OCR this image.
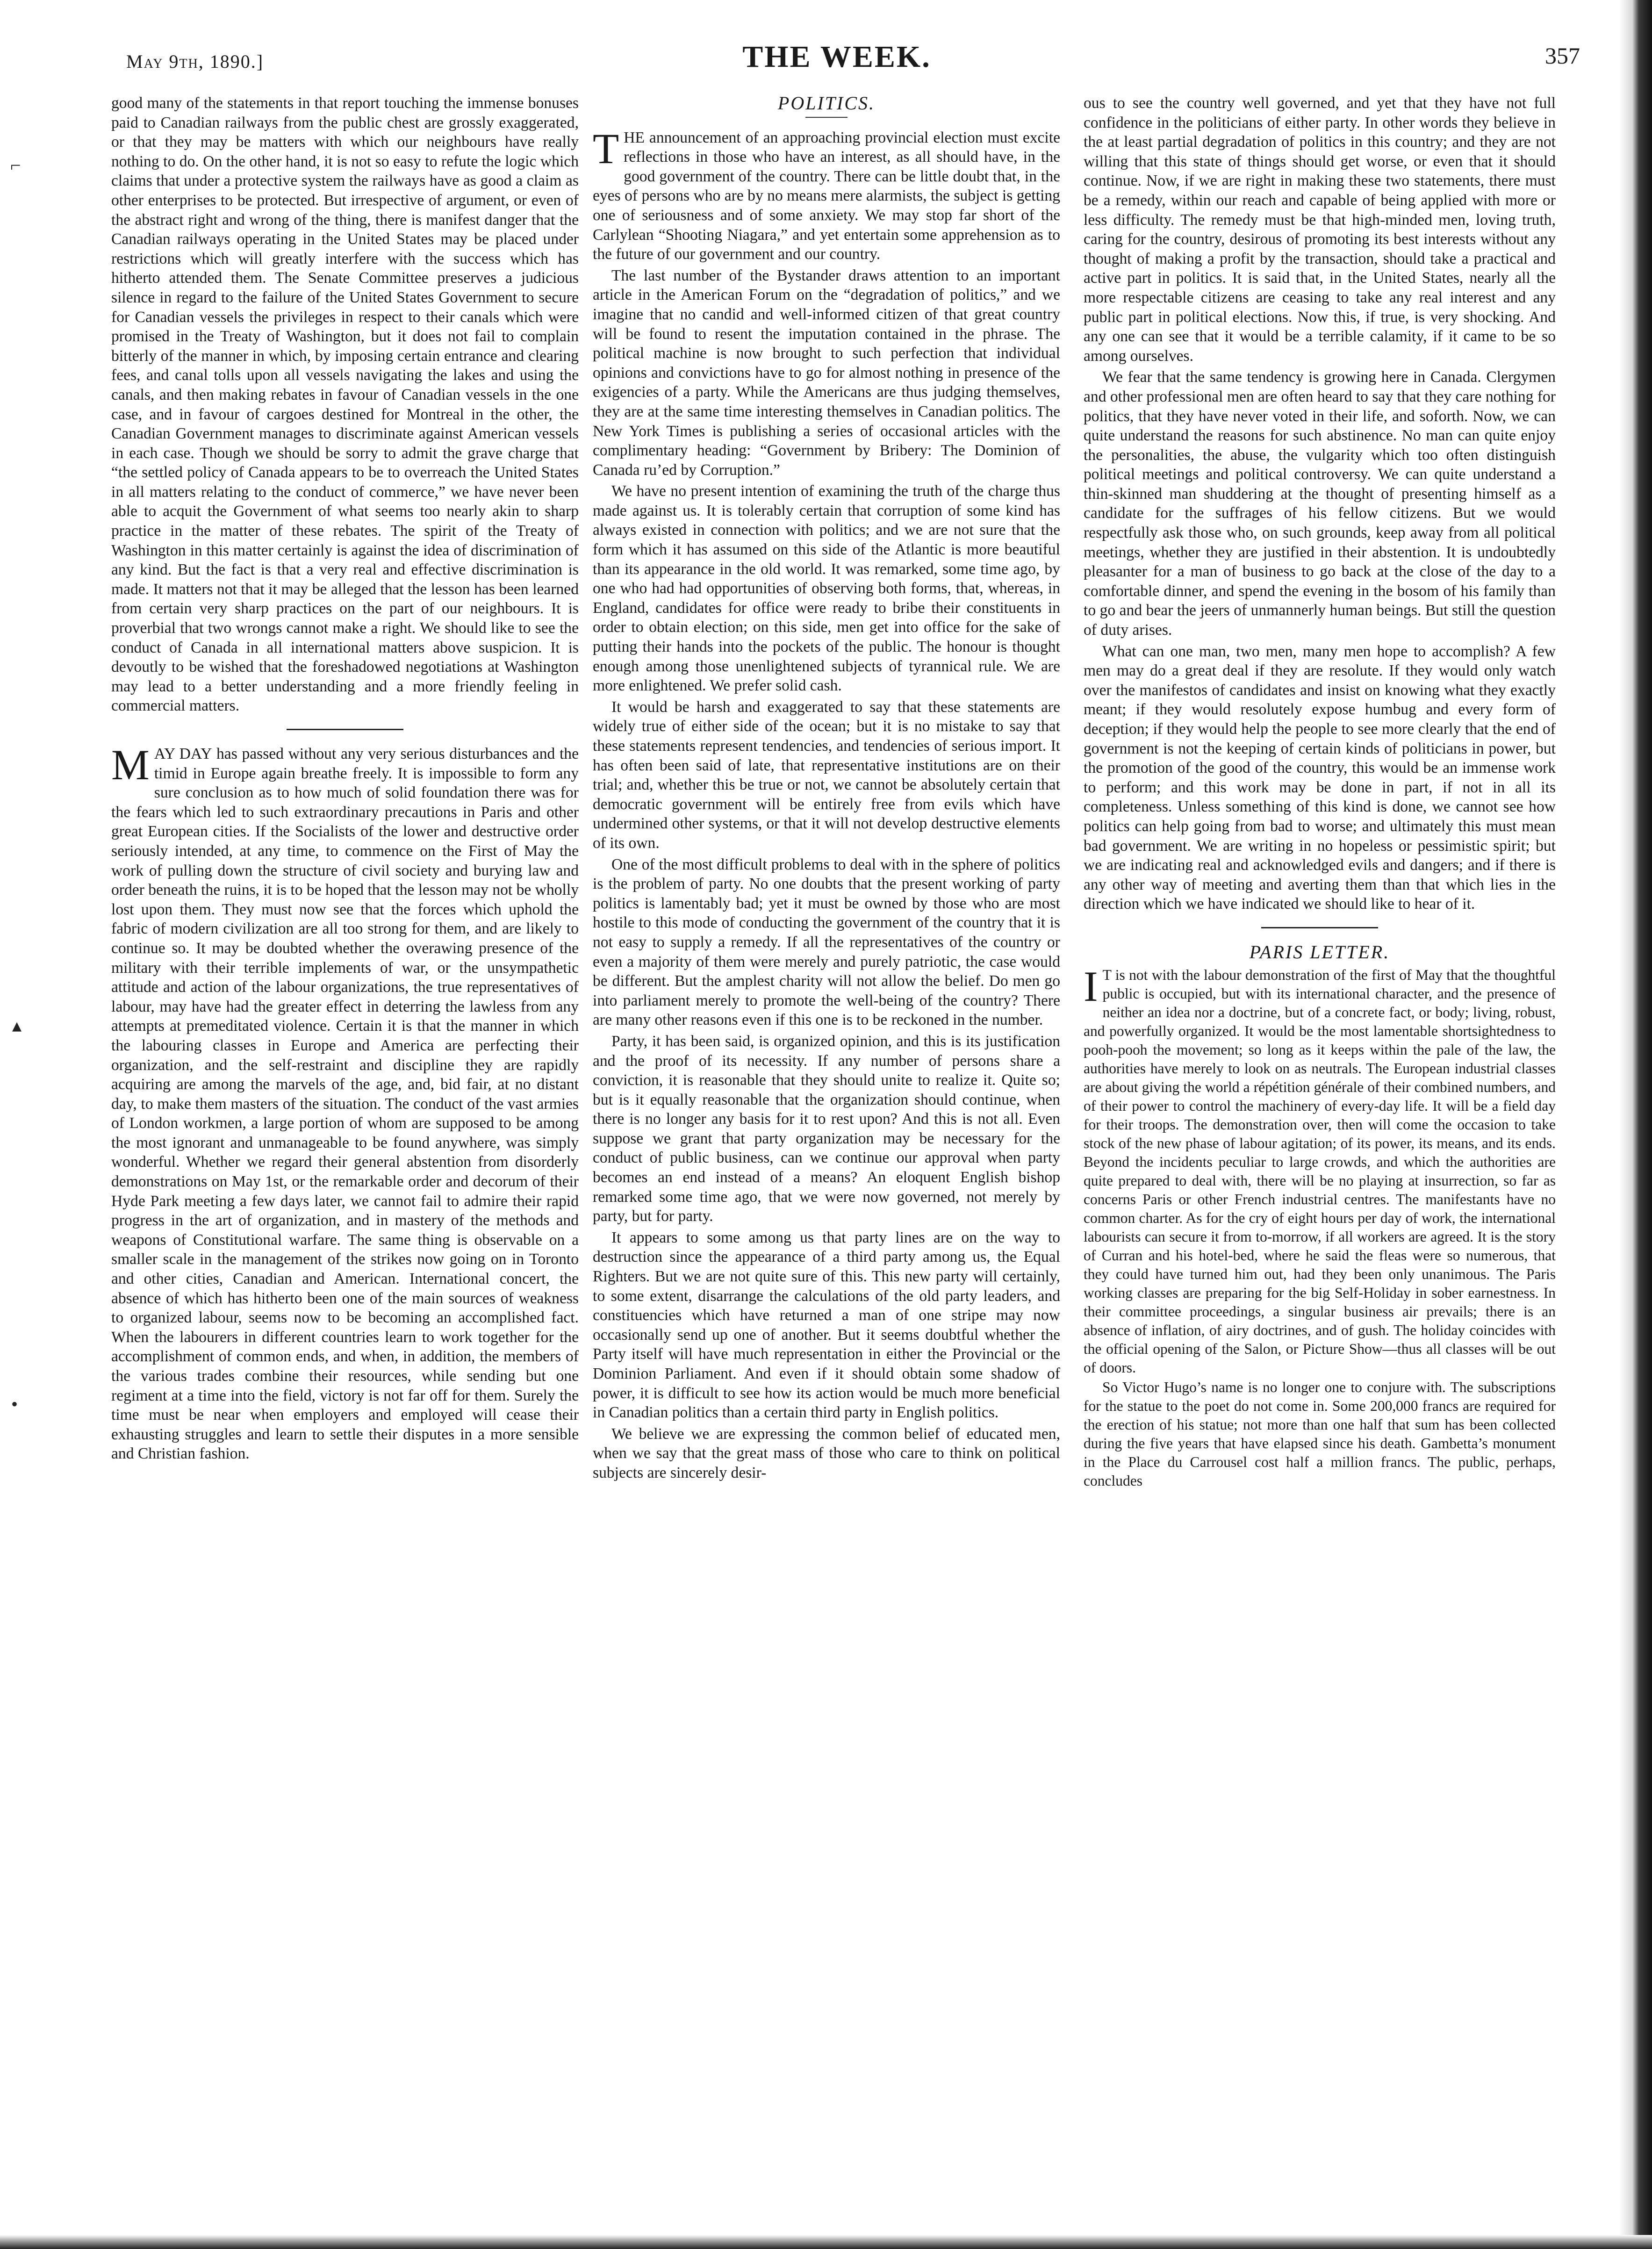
May 9th, 1890.]	THE WEEK.	357

good many of the statements in that report touching the immense bonuses paid to Canadian railways from the public chest are grossly exaggerated, or that they may be matters with which our neighbours have really nothing to do. On the other hand, it is not so easy to refute the logic which claims that under a protective system the railways have as good a claim as other enterprises to be protected. But irrespective of argument, or even of the abstract right and wrong of the thing, there is manifest danger that the Canadian railways operating in the United States may be placed under restrictions which will greatly interfere with the success which has hitherto attended them. The Senate Committee preserves a judicious silence in regard to the failure of the United States Government to secure for Canadian vessels the privileges in respect to their canals which were promised in the Treaty of Washington, but it does not fail to complain bitterly of the manner in which, by imposing certain entrance and clearing fees, and canal tolls upon all vessels navigating the lakes and using the canals, and then making rebates in favour of Canadian vessels in the one case, and in favour of cargoes destined for Montreal in the other, the Canadian Government manages to discriminate against American vessels in each case. Though we should be sorry to admit the grave charge that “the settled policy of Canada appears to be to overreach the United States in all matters relating to the conduct of commerce,” we have never been able to acquit the Government of what seems too nearly akin to sharp practice in the matter of these rebates. The spirit of the Treaty of Washington in this matter certainly is against the idea of discrimination of any kind. But the fact is that a very real and effective discrimination is made. It matters not that it may be alleged that the lesson has been learned from certain very sharp practices on the part of our neighbours. It is proverbial that two wrongs cannot make a right. We should like to see the conduct of Canada in all international matters above suspicion. It is devoutly to be wished that the foreshadowed negotiations at Washington may lead to a better understanding and a more friendly feeling in commercial matters.

MAY DAY has passed without any very serious disturbances and the timid in Europe again breathe freely. It is impossible to form any sure conclusion as to how much of solid foundation there was for the fears which led to such extraordinary precautions in Paris and other great European cities. If the Socialists of the lower and destructive order seriously intended, at any time, to commence on the First of May the work of pulling down the structure of civil society and burying law and order beneath the ruins, it is to be hoped that the lesson may not be wholly lost upon them. They must now see that the forces which uphold the fabric of modern civilization are all too strong for them, and are likely to continue so. It may be doubted whether the overawing presence of the military with their terrible implements of war, or the unsympathetic attitude and action of the labour organizations, the true representatives of labour, may have had the greater effect in deterring the lawless from any attempts at premeditated violence. Certain it is that the manner in which the labouring classes in Europe and America are perfecting their organization, and the self-restraint and discipline they are rapidly acquiring are among the marvels of the age, and, bid fair, at no distant day, to make them masters of the situation. The conduct of the vast armies of London workmen, a large portion of whom are supposed to be among the most ignorant and unmanageable to be found anywhere, was simply wonderful. Whether we regard their general abstention from disorderly demonstrations on May 1st, or the remarkable order and decorum of their Hyde Park meeting a few days later, we cannot fail to admire their rapid progress in the art of organization, and in mastery of the methods and weapons of Constitutional warfare. The same thing is observable on a smaller scale in the management of the strikes now going on in Toronto and other cities, Canadian and American. International concert, the absence of which has hitherto been one of the main sources of weakness to organized labour, seems now to be becoming an accomplished fact. When the labourers in different countries learn to work together for the accomplishment of common ends, and when, in addition, the members of the various trades combine their resources, while sending but one regiment at a time into the field, victory is not far off for them. Surely the time must be near when employers and employed will cease their exhausting struggles and learn to settle their disputes in a more sensible and Christian fashion.

POLITICS.

THE announcement of an approaching provincial election must excite reflections in those who have an interest, as all should have, in the good government of the country. There can be little doubt that, in the eyes of persons who are by no means mere alarmists, the subject is getting one of seriousness and of some anxiety. We may stop far short of the Carlylean “Shooting Niagara,” and yet entertain some apprehension as to the future of our government and our country.

The last number of the Bystander draws attention to an important article in the American Forum on the “degradation of politics,” and we imagine that no candid and well-informed citizen of that great country will be found to resent the imputation contained in the phrase. The political machine is now brought to such perfection that individual opinions and convictions have to go for almost nothing in presence of the exigencies of a party. While the Americans are thus judging themselves, they are at the same time interesting themselves in Canadian politics. The New York Times is publishing a series of occasional articles with the complimentary heading: “Government by Bribery: The Dominion of Canada ru’ed by Corruption.”

We have no present intention of examining the truth of the charge thus made against us. It is tolerably certain that corruption of some kind has always existed in connection with politics; and we are not sure that the form which it has assumed on this side of the Atlantic is more beautiful than its appearance in the old world. It was remarked, some time ago, by one who had had opportunities of observing both forms, that, whereas, in England, candidates for office were ready to bribe their constituents in order to obtain election; on this side, men get into office for the sake of putting their hands into the pockets of the public. The honour is thought enough among those unenlightened subjects of tyrannical rule. We are more enlightened. We prefer solid cash.

It would be harsh and exaggerated to say that these statements are widely true of either side of the ocean; but it is no mistake to say that these statements represent tendencies, and tendencies of serious import. It has often been said of late, that representative institutions are on their trial; and, whether this be true or not, we cannot be absolutely certain that democratic government will be entirely free from evils which have undermined other systems, or that it will not develop destructive elements of its own.

One of the most difficult problems to deal with in the sphere of politics is the problem of party. No one doubts that the present working of party politics is lamentably bad; yet it must be owned by those who are most hostile to this mode of conducting the government of the country that it is not easy to supply a remedy. If all the representatives of the country or even a majority of them were merely and purely patriotic, the case would be different. But the amplest charity will not allow the belief. Do men go into parliament merely to promote the well-being of the country? There are many other reasons even if this one is to be reckoned in the number.

Party, it has been said, is organized opinion, and this is its justification and the proof of its necessity. If any number of persons share a conviction, it is reasonable that they should unite to realize it. Quite so; but is it equally reasonable that the organization should continue, when there is no longer any basis for it to rest upon? And this is not all. Even suppose we grant that party organization may be necessary for the conduct of public business, can we continue our approval when party becomes an end instead of a means? An eloquent English bishop remarked some time ago, that we were now governed, not merely by party, but for party.

It appears to some among us that party lines are on the way to destruction since the appearance of a third party among us, the Equal Righters. But we are not quite sure of this. This new party will certainly, to some extent, disarrange the calculations of the old party leaders, and constituencies which have returned a man of one stripe may now occasionally send up one of another. But it seems doubtful whether the Party itself will have much representation in either the Provincial or the Dominion Parliament. And even if it should obtain some shadow of power, it is difficult to see how its action would be much more beneficial in Canadian politics than a certain third party in English politics.

We believe we are expressing the common belief of educated men, when we say that the great mass of those who care to think on political subjects are sincerely desir-

ous to see the country well governed, and yet that they have not full confidence in the politicians of either party. In other words they believe in the at least partial degradation of politics in this country; and they are not willing that this state of things should get worse, or even that it should continue. Now, if we are right in making these two statements, there must be a remedy, within our reach and capable of being applied with more or less difficulty. The remedy must be that high-minded men, loving truth, caring for the country, desirous of promoting its best interests without any thought of making a profit by the transaction, should take a practical and active part in politics. It is said that, in the United States, nearly all the more respectable citizens are ceasing to take any real interest and any public part in political elections. Now this, if true, is very shocking. And any one can see that it would be a terrible calamity, if it came to be so among ourselves.

We fear that the same tendency is growing here in Canada. Clergymen and other professional men are often heard to say that they care nothing for politics, that they have never voted in their life, and soforth. Now, we can quite understand the reasons for such abstinence. No man can quite enjoy the personalities, the abuse, the vulgarity which too often distinguish political meetings and political controversy. We can quite understand a thin-skinned man shuddering at the thought of presenting himself as a candidate for the suffrages of his fellow citizens. But we would respectfully ask those who, on such grounds, keep away from all political meetings, whether they are justified in their abstention. It is undoubtedly pleasanter for a man of business to go back at the close of the day to a comfortable dinner, and spend the evening in the bosom of his family than to go and bear the jeers of unmannerly human beings. But still the question of duty arises.

What can one man, two men, many men hope to accomplish? A few men may do a great deal if they are resolute. If they would only watch over the manifestos of candidates and insist on knowing what they exactly meant; if they would resolutely expose humbug and every form of deception; if they would help the people to see more clearly that the end of government is not the keeping of certain kinds of politicians in power, but the promotion of the good of the country, this would be an immense work to perform; and this work may be done in part, if not in all its completeness. Unless something of this kind is done, we cannot see how politics can help going from bad to worse; and ultimately this must mean bad government. We are writing in no hopeless or pessimistic spirit; but we are indicating real and acknowledged evils and dangers; and if there is any other way of meeting and averting them than that which lies in the direction which we have indicated we should like to hear of it.

PARIS LETTER.

I T is not with the labour demonstration of the first of May that the thoughtful public is occupied, but with its international character, and the presence of neither an idea nor a doctrine, but of a concrete fact, or body; living, robust, and powerfully organized. It would be the most lamentable shortsightedness to pooh-pooh the movement; so long as it keeps within the pale of the law, the authorities have merely to look on as neutrals. The European industrial classes are about giving the world a répétition générale of their combined numbers, and of their power to control the machinery of every-day life. It will be a field day for their troops. The demonstration over, then will come the occasion to take stock of the new phase of labour agitation; of its power, its means, and its ends. Beyond the incidents peculiar to large crowds, and which the authorities are quite prepared to deal with, there will be no playing at insurrection, so far as concerns Paris or other French industrial centres. The manifestants have no common charter. As for the cry of eight hours per day of work, the international labourists can secure it from to-morrow, if all workers are agreed. It is the story of Curran and his hotel-bed, where he said the fleas were so numerous, that they could have turned him out, had they been only unanimous. The Paris working classes are preparing for the big Self-Holiday in sober earnestness. In their committee proceedings, a singular business air prevails; there is an absence of inflation, of airy doctrines, and of gush. The holiday coincides with the official opening of the Salon, or Picture Show—thus all classes will be out of doors.

So Victor Hugo’s name is no longer one to conjure with. The subscriptions for the statue to the poet do not come in. Some 200,000 francs are required for the erection of his statue; not more than one half that sum has been collected during the five years that have elapsed since his death. Gambetta’s monument in the Place du Carrousel cost half a million francs. The public, perhaps, concludes

⌐
▴
•
